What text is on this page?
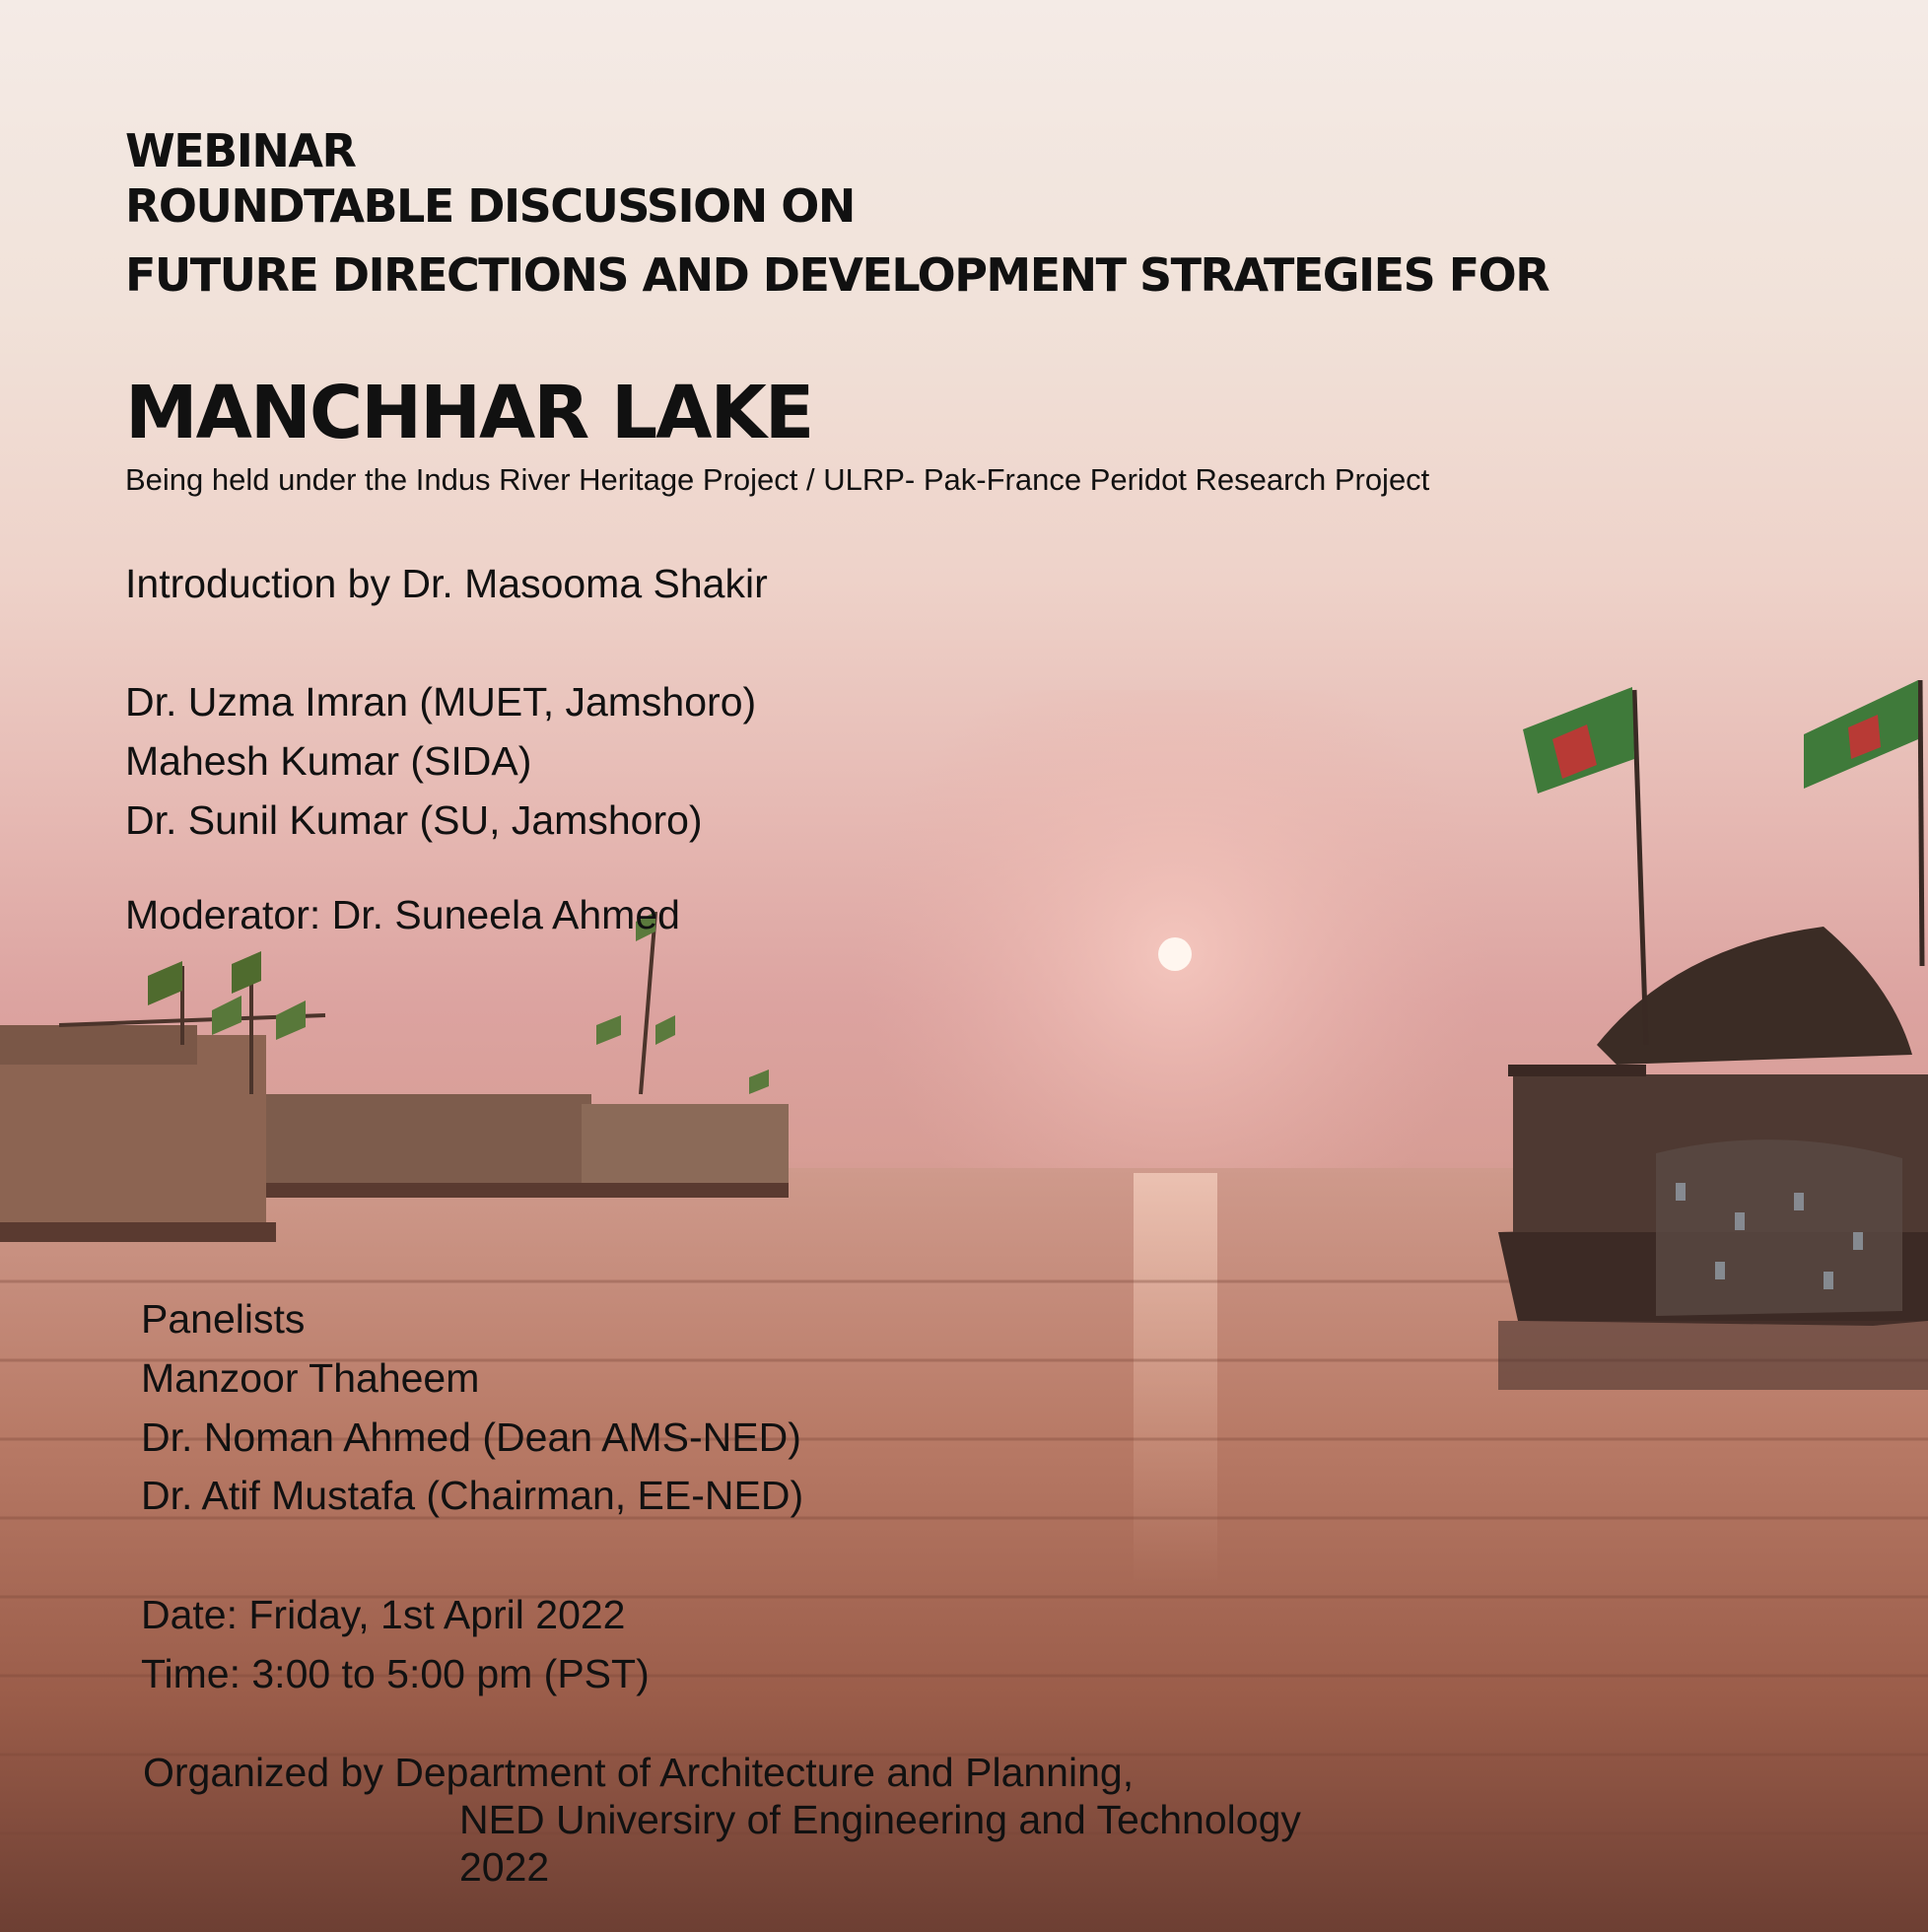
WEBINAR
ROUNDTABLE DISCUSSION ON
FUTURE DIRECTIONS AND DEVELOPMENT STRATEGIES FOR
MANCHHAR LAKE

Being held under the Indus River Heritage Project / ULRP- Pak-France Peridot Research Project

Introduction by Dr. Masooma Shakir

Dr. Uzma Imran (MUET, Jamshoro)

Mahesh Kumar (SIDA)

Dr. Sunil Kumar (SU, Jamshoro)

Moderator: Dr. Suneela Ahmed

Panelists

Manzoor Thaheem

Dr. Noman Ahmed (Dean AMS-NED)

Dr. Atif Mustafa (Chairman, EE-NED)

Date: Friday, 1st April 2022

Time: 3:00 to 5:00 pm (PST)

Organized by Department of Architecture and Planning,

NED Universiry of Engineering and Technology

2022
